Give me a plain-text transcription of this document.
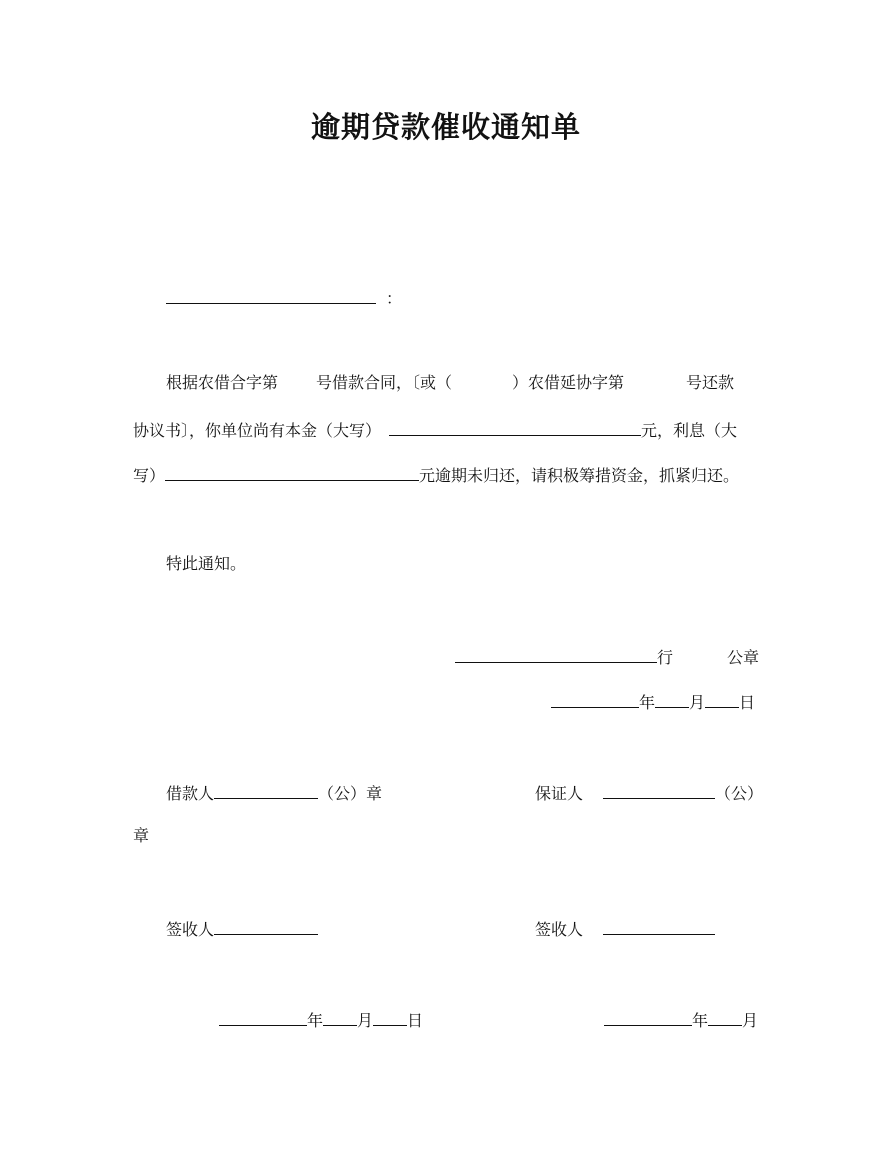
逾期贷款催收通知单
：
根据农借合字第 号借款合同，〔或（	）农借延协字第	号还款
协议书〕，你单位尚有本金（大写）	元，利息（大
写）	元逾期未归还，请积极筹措资金，抓紧归还。
特此通知。
行	公章
年 月 日
借款人	（公）章	保证人	（公）
章
签收人	签收人
年 月 日	年 月
